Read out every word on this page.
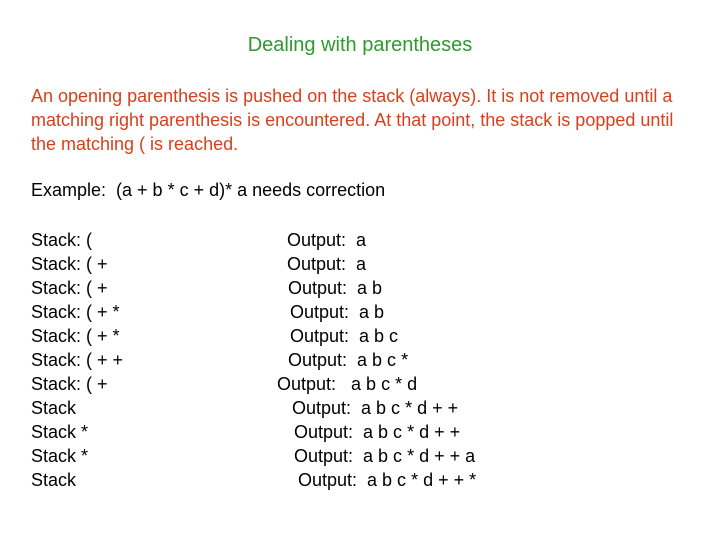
Dealing with parentheses
An opening parenthesis is pushed on the stack (always). It is not removed until a matching right parenthesis is encountered. At that point, the stack is popped until the matching ( is reached.
Example:  (a + b * c + d)* a needs correction
Stack: (
Stack: ( +
Stack: ( +
Stack: ( + *
Stack: ( + *
Stack: ( + +
Stack: ( +
Stack
Stack *
Stack *
Stack
Output:  a
Output:  a
Output:  a b
Output:  a b
Output:  a b c
Output:  a b c *
Output:   a b c * d
Output:  a b c * d + +
Output:  a b c * d + +
Output:  a b c * d + + a
Output:  a b c * d + + *
